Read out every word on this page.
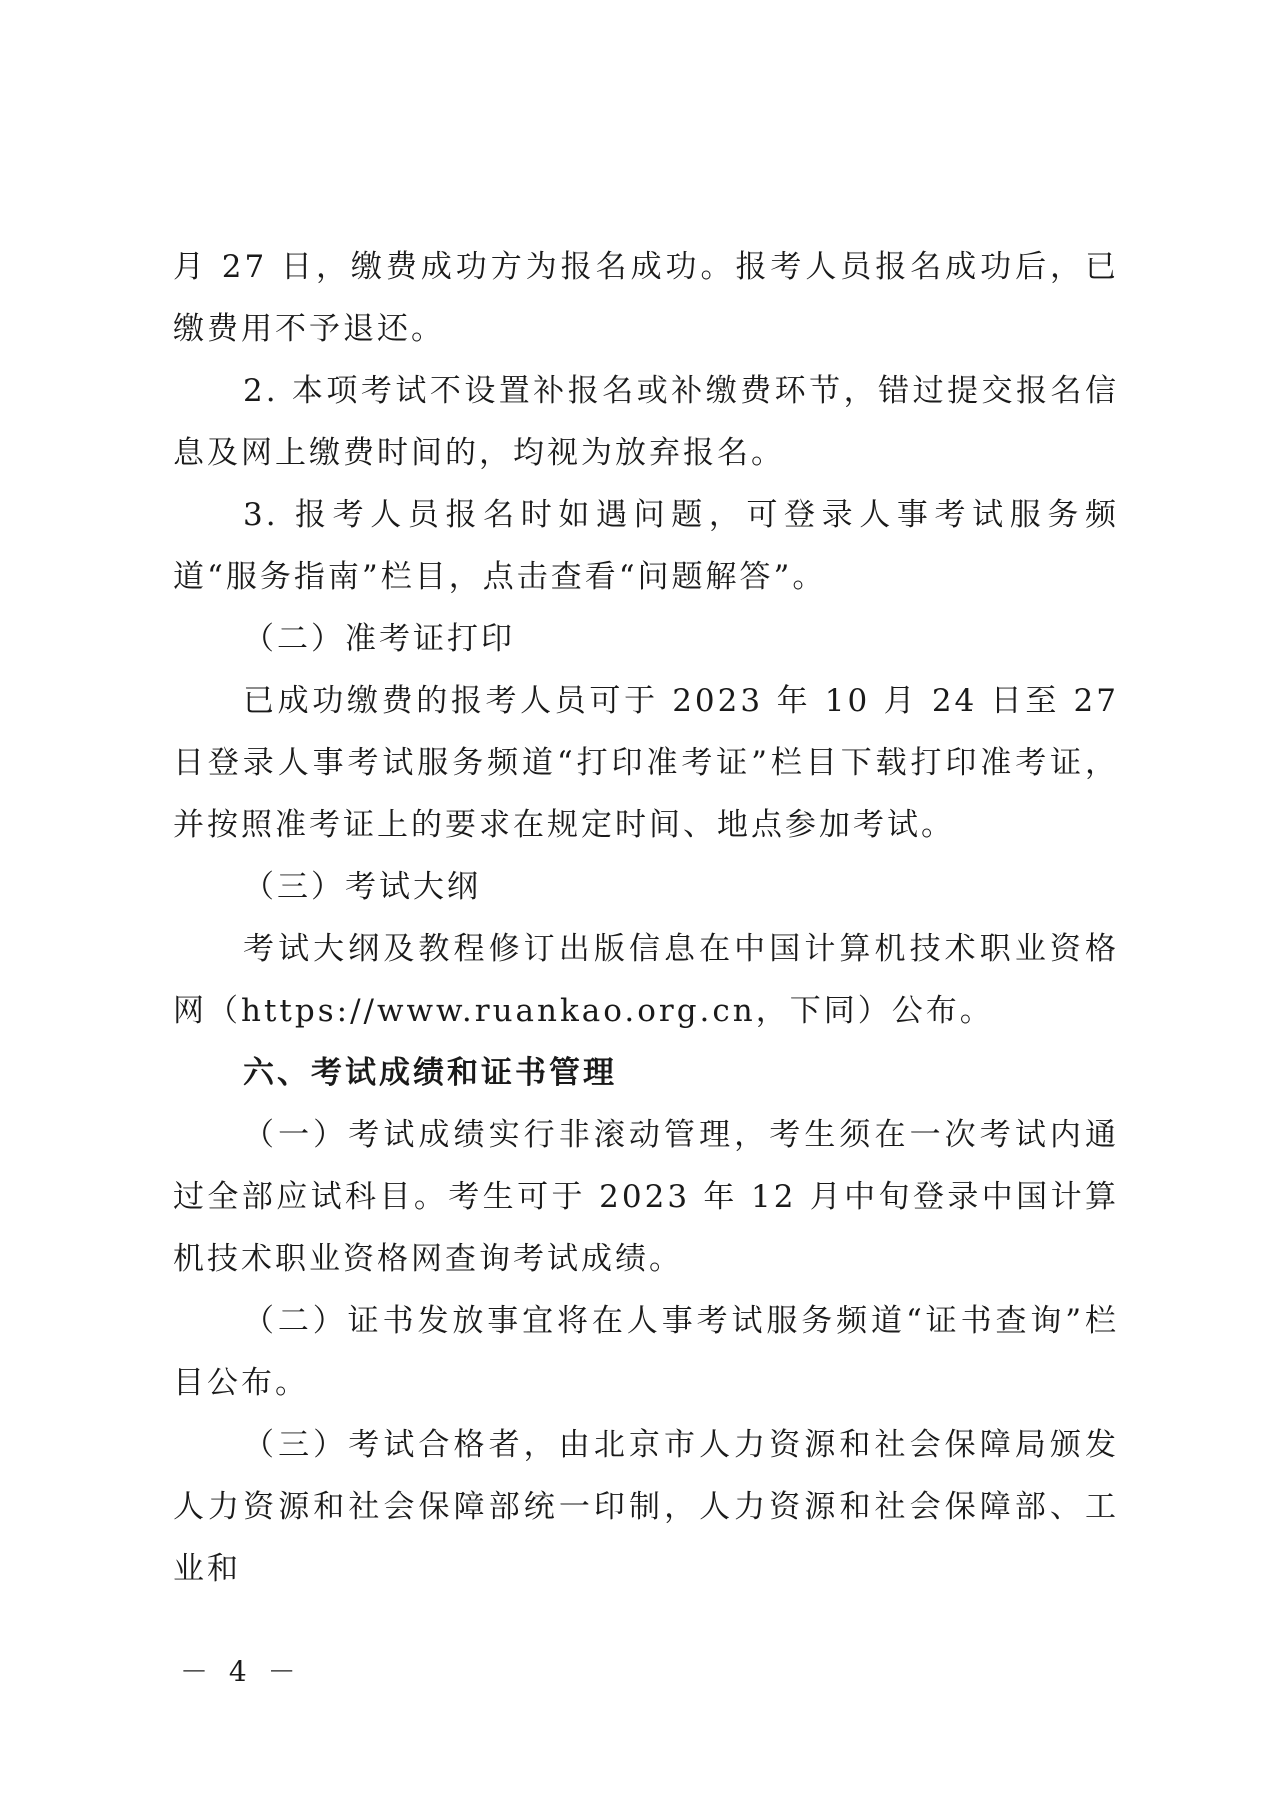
月 27 日，缴费成功方为报名成功。报考人员报名成功后，已缴费用不予退还。

2. 本项考试不设置补报名或补缴费环节，错过提交报名信息及网上缴费时间的，均视为放弃报名。

3. 报考人员报名时如遇问题，可登录人事考试服务频道“服务指南”栏目，点击查看“问题解答”。

（二）准考证打印

已成功缴费的报考人员可于 2023 年 10 月 24 日至 27 日登录人事考试服务频道“打印准考证”栏目下载打印准考证，并按照准考证上的要求在规定时间、地点参加考试。

（三）考试大纲

考试大纲及教程修订出版信息在中国计算机技术职业资格网（https://www.ruankao.org.cn，下同）公布。

六、考试成绩和证书管理

（一）考试成绩实行非滚动管理，考生须在一次考试内通过全部应试科目。考生可于 2023 年 12 月中旬登录中国计算机技术职业资格网查询考试成绩。

（二）证书发放事宜将在人事考试服务频道“证书查询”栏目公布。

（三）考试合格者，由北京市人力资源和社会保障局颁发人力资源和社会保障部统一印制，人力资源和社会保障部、工业和

－ 4 －
